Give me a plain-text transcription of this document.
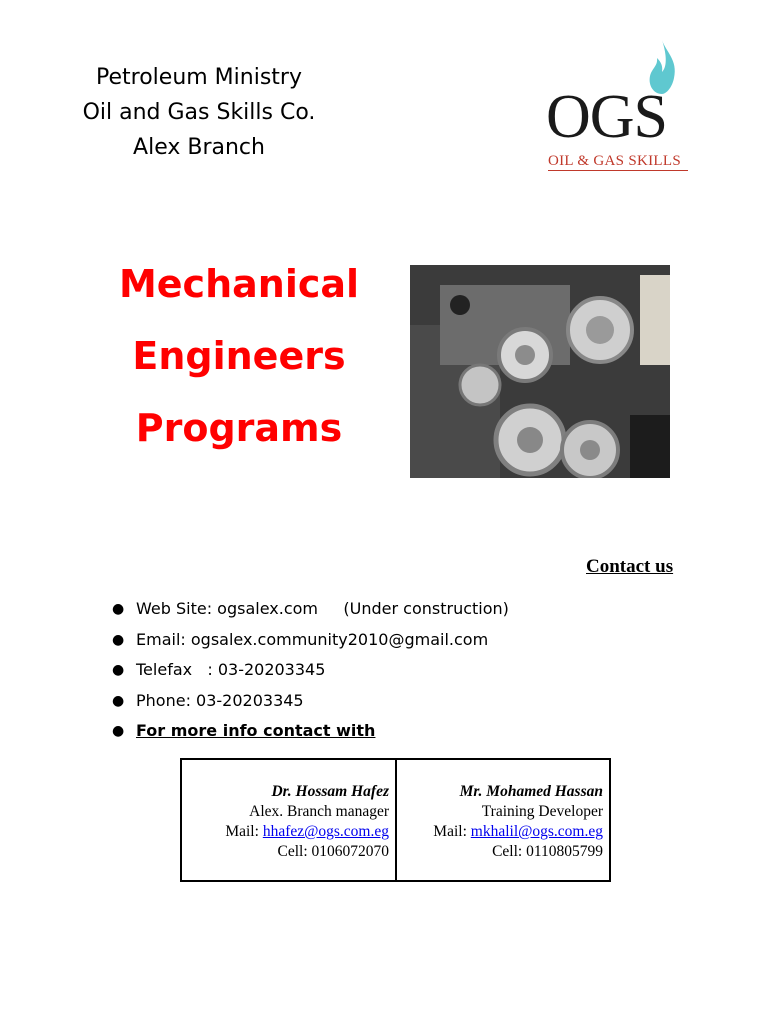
Petroleum Ministry
Oil and Gas Skills Co.
Alex Branch	OGS
OIL & GAS SKILLS
Mechanical
Engineers
Programs
Contact us
● Web Site: ogsalex.com     (Under construction)
● Email: ogsalex.community2010@gmail.com
● Telefax   : 03-20203345
● Phone: 03-20203345
● For more info contact with
Dr. Hossam Hafez
Alex. Branch manager
Mail: hhafez@ogs.com.eg
Cell: 0106072070
Mr. Mohamed Hassan
Training Developer
Mail: mkhalil@ogs.com.eg
Cell: 0110805799
